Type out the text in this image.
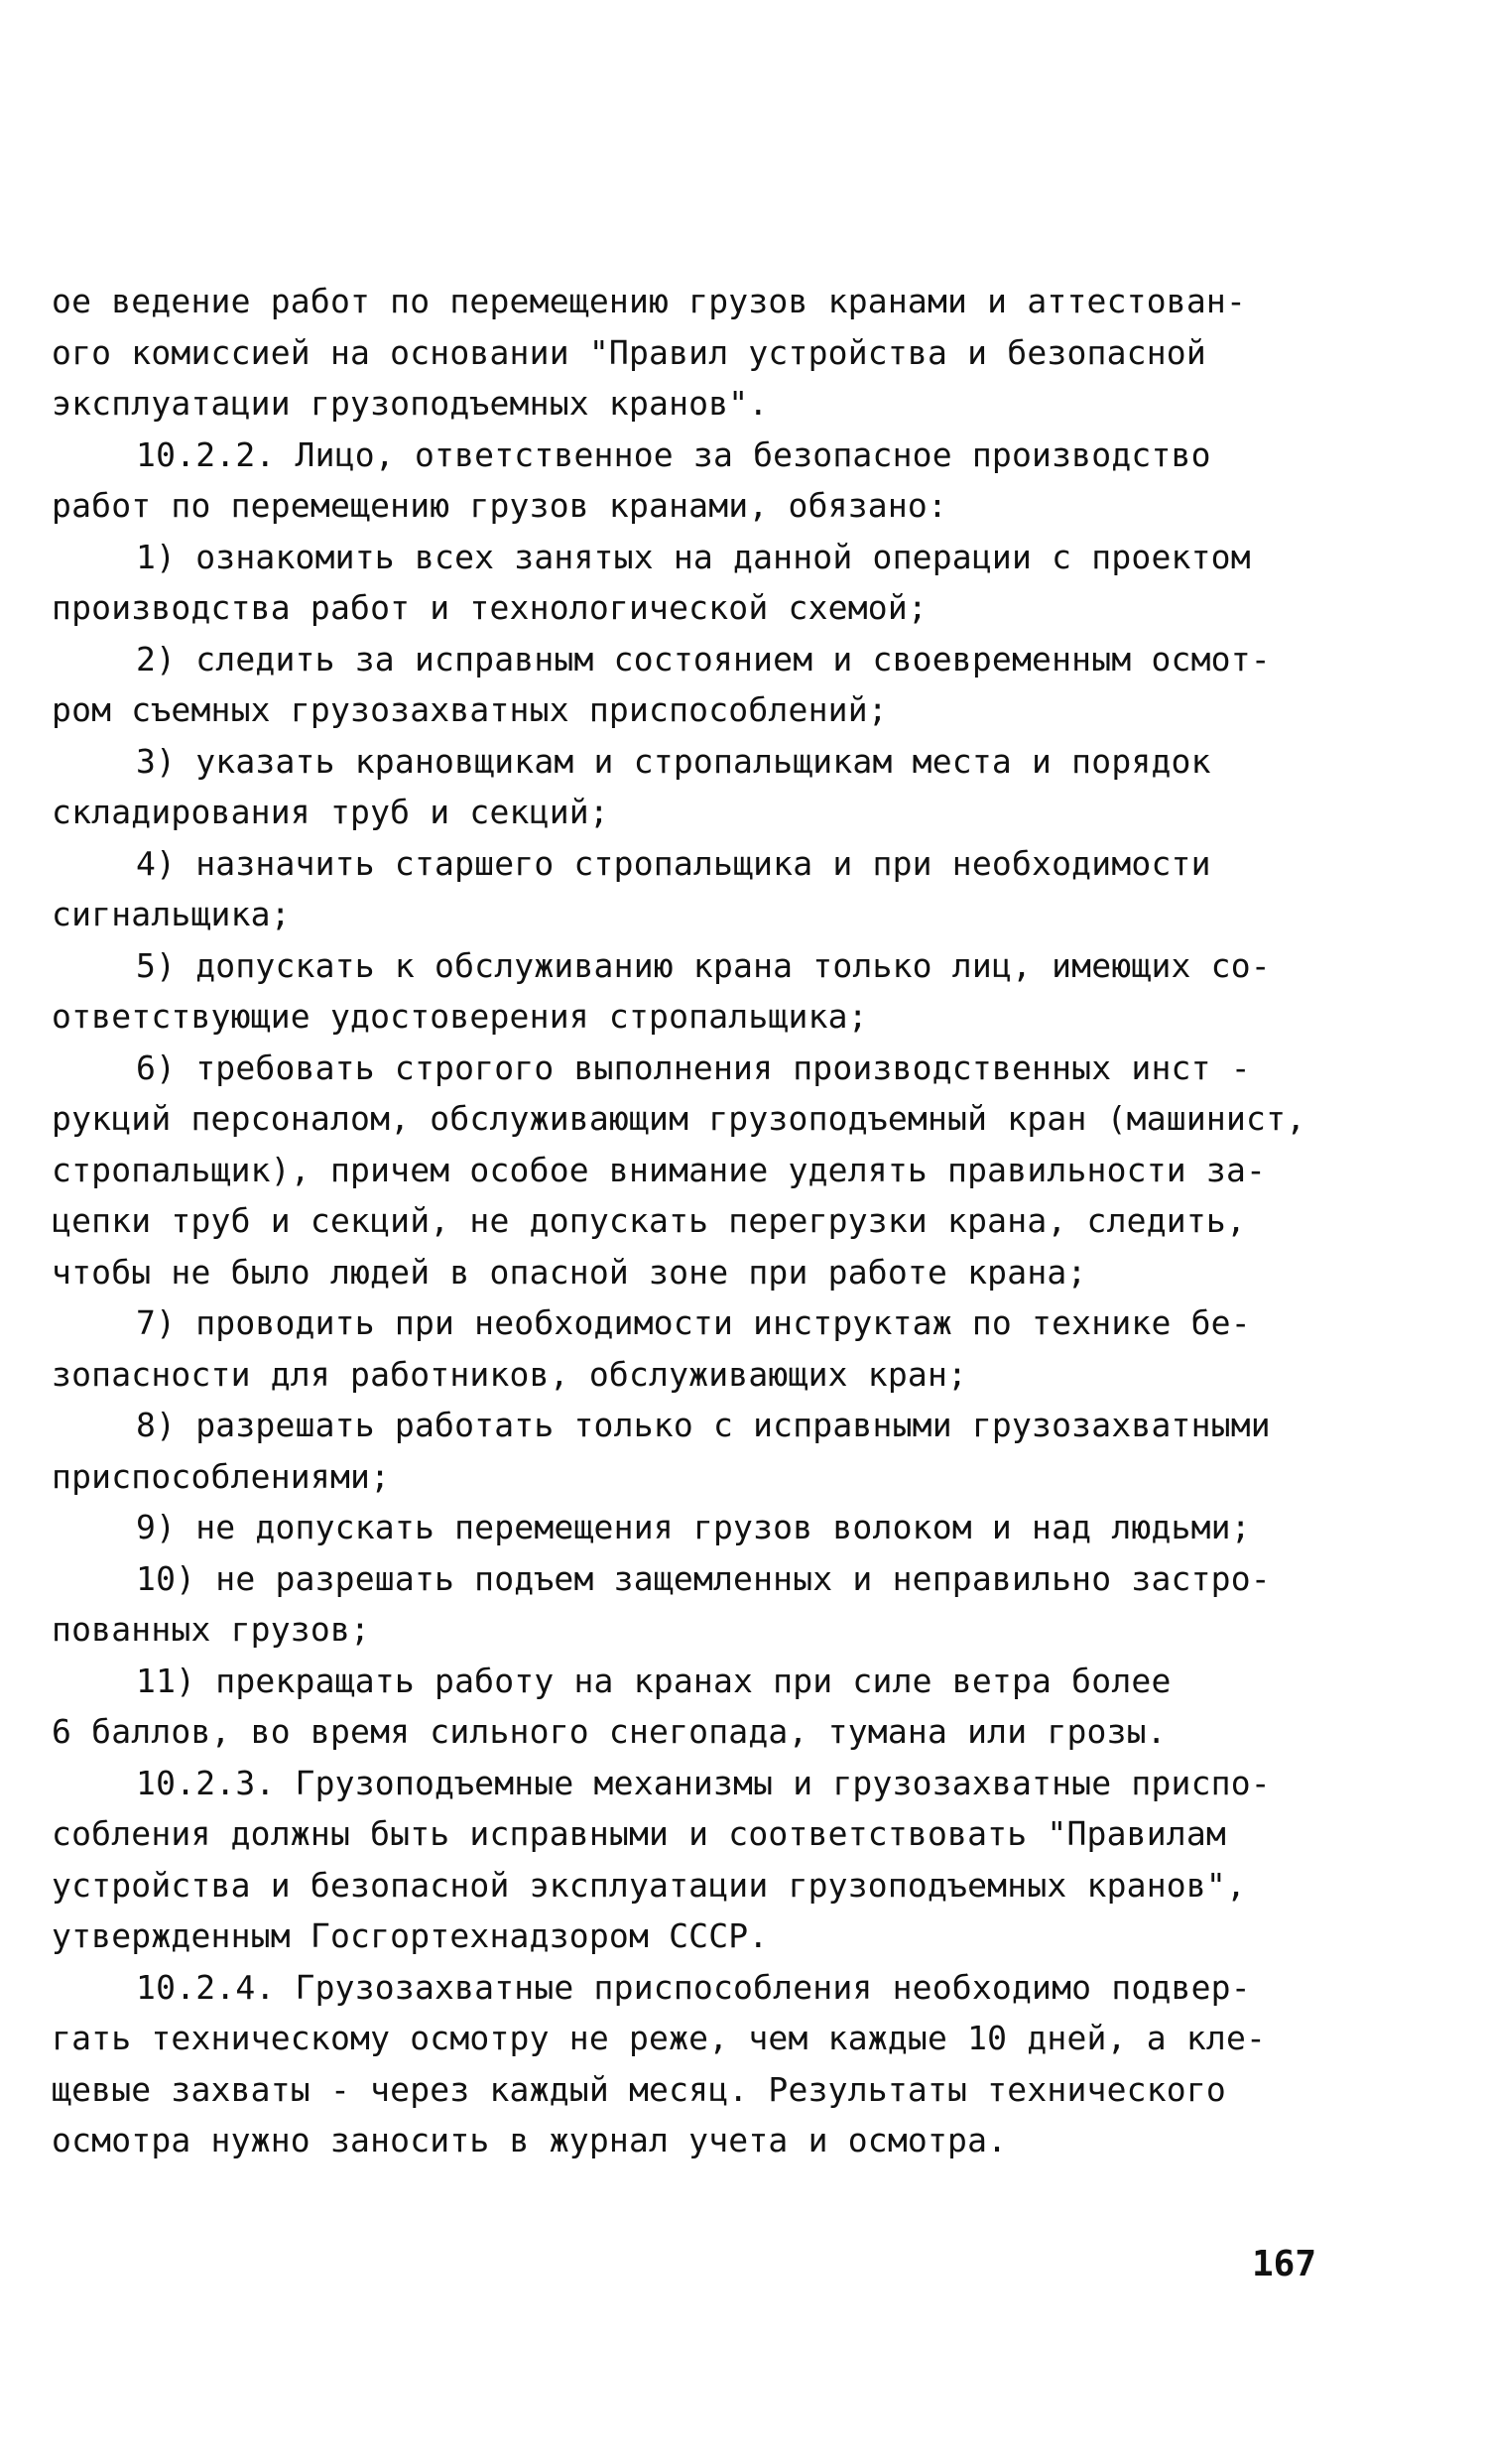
ое ведение работ по перемещению грузов кранами и аттестован-
ого комиссией на основании "Правил устройства и безопасной
эксплуатации грузоподъемных кранов".
10.2.2. Лицо, ответственное за безопасное производство
работ по перемещению грузов кранами, обязано:
1) ознакомить всех занятых на данной операции с проектом
производства работ и технологической схемой;
2) следить за исправным состоянием и своевременным осмот-
ром съемных грузозахватных приспособлений;
3) указать крановщикам и стропальщикам места и порядок
складирования труб и секций;
4) назначить старшего стропальщика и при необходимости
сигнальщика;
5) допускать к обслуживанию крана только лиц, имеющих со-
ответствующие удостоверения стропальщика;
6) требовать строгого выполнения производственных инст -
рукций персоналом, обслуживающим грузоподъемный кран (машинист,
стропальщик), причем особое внимание уделять правильности за-
цепки труб и секций, не допускать перегрузки крана, следить,
чтобы не было людей в опасной зоне при работе крана;
7) проводить при необходимости инструктаж по технике бе-
зопасности для работников, обслуживающих кран;
8) разрешать работать только с исправными грузозахватными
приспособлениями;
9) не допускать перемещения грузов волоком и над людьми;
10) не разрешать подъем защемленных и неправильно застро-
пованных грузов;
11) прекращать работу на кранах при силе ветра более
6 баллов, во время сильного снегопада, тумана или грозы.
10.2.3. Грузоподъемные механизмы и грузозахватные приспо-
собления должны быть исправными и соответствовать "Правилам
устройства и безопасной эксплуатации грузоподъемных кранов",
утвержденным Госгортехнадзором СССР.
10.2.4. Грузозахватные приспособления необходимо подвер-
гать техническому осмотру не реже, чем каждые 10 дней, а кле-
щевые захваты - через каждый месяц. Результаты технического
осмотра нужно заносить в журнал учета и осмотра.
167
